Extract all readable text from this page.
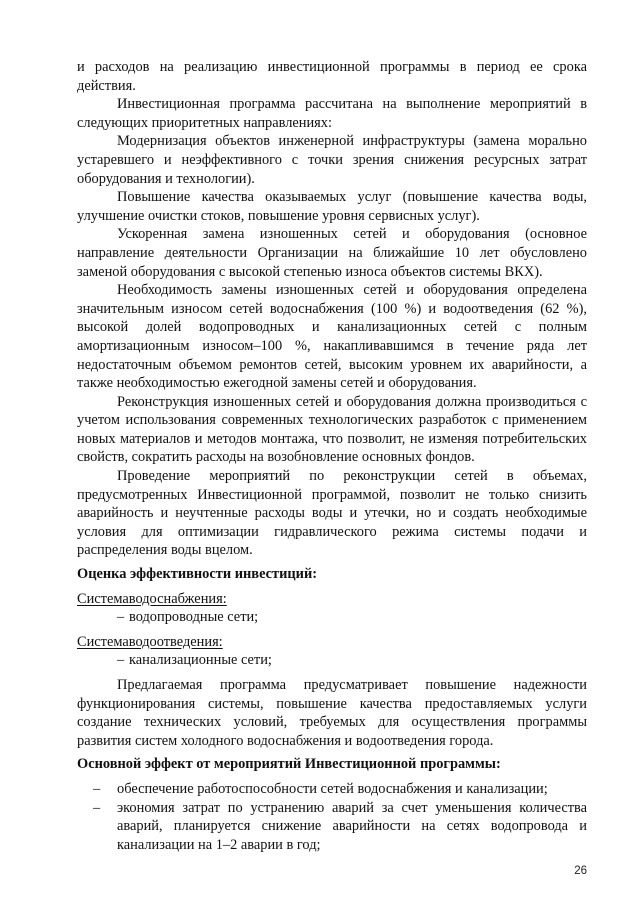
и расходов на реализацию инвестиционной программы в период ее срока действия.

Инвестиционная программа рассчитана на выполнение мероприятий в следующих приоритетных направлениях:

Модернизация объектов инженерной инфраструктуры (замена морально устаревшего и неэффективного с точки зрения снижения ресурсных затрат оборудования и технологии).

Повышение качества оказываемых услуг (повышение качества воды, улучшение очистки стоков, повышение уровня сервисных услуг).

Ускоренная замена изношенных сетей и оборудования (основное направление деятельности Организации на ближайшие 10 лет обусловлено заменой оборудования с высокой степенью износа объектов системы ВКХ).

Необходимость замены изношенных сетей и оборудования определена значительным износом сетей водоснабжения (100 %) и водоотведения (62 %), высокой долей водопроводных и канализационных сетей с полным амортизационным износом–100 %, накапливавшимся в течение ряда лет недостаточным объемом ремонтов сетей, высоким уровнем их аварийности, а также необходимостью ежегодной замены сетей и оборудования.

Реконструкция изношенных сетей и оборудования должна производиться с учетом использования современных технологических разработок с применением новых материалов и методов монтажа, что позволит, не изменяя потребительских свойств, сократить расходы на возобновление основных фондов.

Проведение мероприятий по реконструкции сетей в объемах, предусмотренных Инвестиционной программой, позволит не только снизить аварийность и неучтенные расходы воды и утечки, но и создать необходимые условия для оптимизации гидравлического режима системы подачи и распределения воды вцелом.

Оценка эффективности инвестиций:

Системаводоснабжения:

– водопроводные сети;

Системаводоотведения:

– канализационные сети;

Предлагаемая программа предусматривает повышение надежности функционирования системы, повышение качества предоставляемых услуги создание технических условий, требуемых для осуществления программы развития систем холодного водоснабжения и водоотведения города.

Основной эффект от мероприятий Инвестиционной программы:

– обеспечение работоспособности сетей водоснабжения и канализации;
– экономия затрат по устранению аварий за счет уменьшения количества аварий, планируется снижение аварийности на сетях водопровода и канализации на 1–2 аварии в год;
26
